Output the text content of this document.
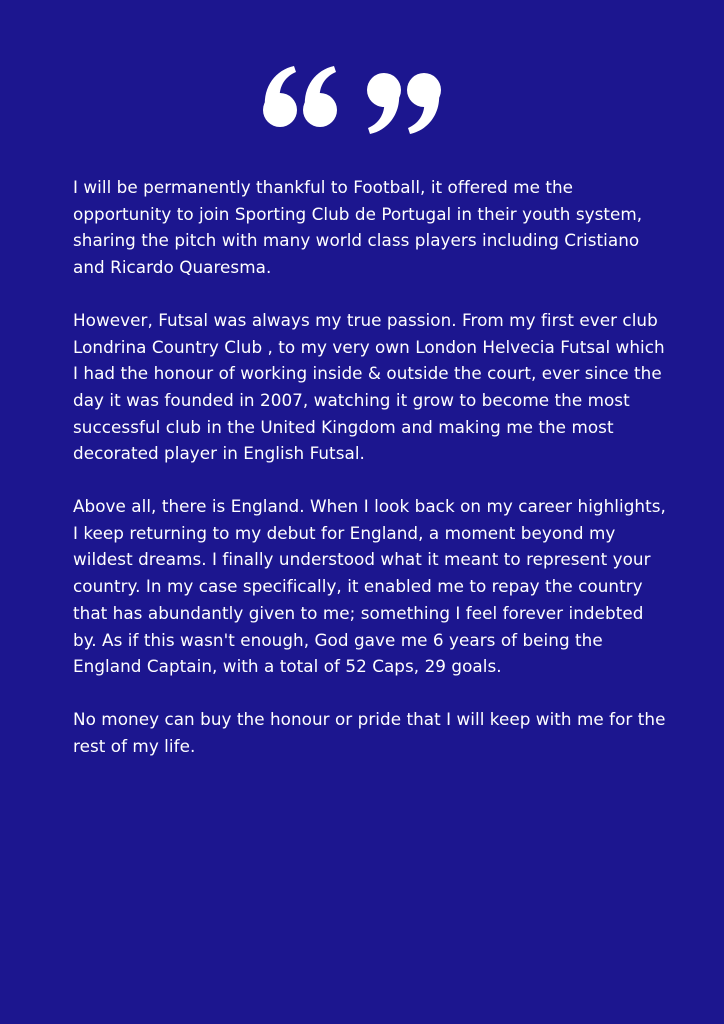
I will be permanently thankful to Football, it offered me the
opportunity to join Sporting Club de Portugal in their youth system,
sharing the pitch with many world class players including Cristiano
and Ricardo Quaresma.

However, Futsal was always my true passion. From my first ever club
Londrina Country Club , to my very own London Helvecia Futsal which
I had the honour of working inside & outside the court, ever since the
day it was founded in 2007, watching it grow to become the most
successful club in the United Kingdom and making me the most
decorated player in English Futsal.

Above all, there is England. When I look back on my career highlights,
I keep returning to my debut for England, a moment beyond my
wildest dreams. I finally understood what it meant to represent your
country. In my case specifically, it enabled me to repay the country
that has abundantly given to me; something I feel forever indebted
by. As if this wasn't enough, God gave me 6 years of being the
England Captain, with a total of 52 Caps, 29 goals.

No money can buy the honour or pride that I will keep with me for the
rest of my life.
